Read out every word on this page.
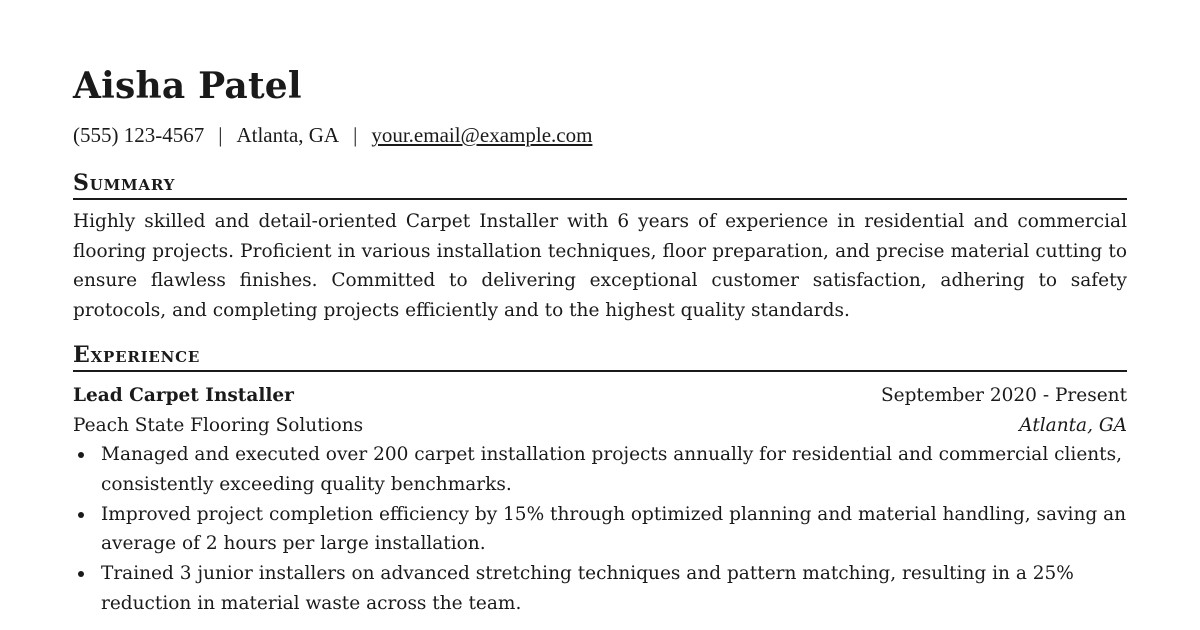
Aisha Patel
(555) 123-4567 | Atlanta, GA | your.email@example.com
Summary
Highly skilled and detail-oriented Carpet Installer with 6 years of experience in residential and commercial flooring projects. Proficient in various installation techniques, floor preparation, and precise material cutting to ensure flawless finishes. Committed to delivering exceptional customer satisfaction, adhering to safety protocols, and completing projects efficiently and to the highest quality standards.
Experience
Lead Carpet Installer	September 2020 - Present
Peach State Flooring Solutions	Atlanta, GA
Managed and executed over 200 carpet installation projects annually for residential and commercial clients, consistently exceeding quality benchmarks.
Improved project completion efficiency by 15% through optimized planning and material handling, saving an average of 2 hours per large installation.
Trained 3 junior installers on advanced stretching techniques and pattern matching, resulting in a 25% reduction in material waste across the team.
